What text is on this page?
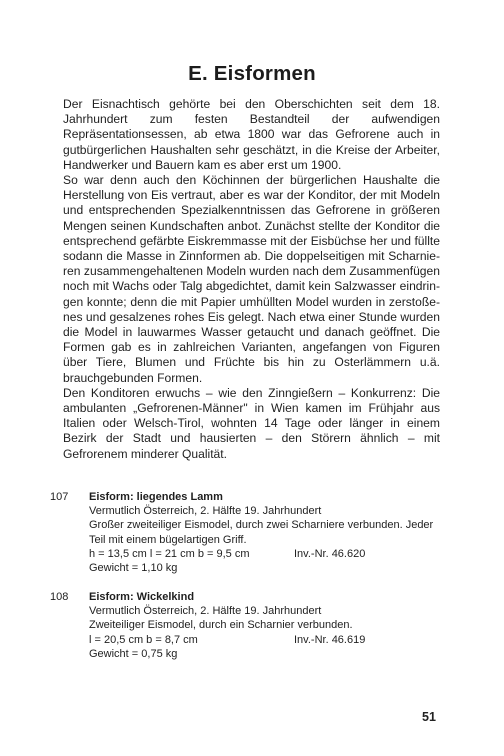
E. Eisformen

Der Eisnachtisch gehörte bei den Oberschichten seit dem 18. Jahrhundert zum festen Bestandteil der aufwendigen Repräsentationsessen, ab etwa 1800 war das Gefrorene auch in gutbürgerlichen Haushalten sehr geschätzt, in die Kreise der Arbeiter, Handwerker und Bauern kam es aber erst um 1900.

So war denn auch den Köchinnen der bürgerlichen Haushalte die Herstellung von Eis vertraut, aber es war der Konditor, der mit Modeln und entsprechenden Spezialkenntnissen das Gefrorene in größeren Mengen seinen Kundschaften anbot. Zunächst stellte der Konditor die entsprechend gefärbte Eiskremmasse mit der Eisbüchse her und füllte sodann die Masse in Zinnformen ab. Die doppelseitigen mit Scharnieren zusammengehaltenen Modeln wurden nach dem Zusammenfügen noch mit Wachs oder Talg abgedichtet, damit kein Salzwasser eindringen konnte; denn die mit Papier umhüllten Model wurden in zerstoßenes und gesalzenes rohes Eis gelegt. Nach etwa einer Stunde wurden die Model in lauwarmes Wasser getaucht und danach geöffnet. Die Formen gab es in zahlreichen Varianten, angefangen von Figuren über Tiere, Blumen und Früchte bis hin zu Osterlämmern u.ä. brauchgebunden Formen.

Den Konditoren erwuchs – wie den Zinngießern – Konkurrenz: Die ambulanten „Gefrorenen-Männer" in Wien kamen im Frühjahr aus Italien oder Welsch-Tirol, wohnten 14 Tage oder länger in einem Bezirk der Stadt und hausierten – den Störern ähnlich – mit Gefrorenem minderer Qualität.

107	Eisform: liegendes Lamm
Vermutlich Österreich, 2. Hälfte 19. Jahrhundert
Großer zweiteiliger Eismodel, durch zwei Scharniere verbunden. Jeder Teil mit einem bügelartigen Griff.
h = 13,5 cm l = 21 cm b = 9,5 cm	Inv.-Nr. 46.620
Gewicht = 1,10 kg
108	Eisform: Wickelkind
Vermutlich Österreich, 2. Hälfte 19. Jahrhundert
Zweiteiliger Eismodel, durch ein Scharnier verbunden.
l = 20,5 cm b = 8,7 cm	Inv.-Nr. 46.619
Gewicht = 0,75 kg
51
